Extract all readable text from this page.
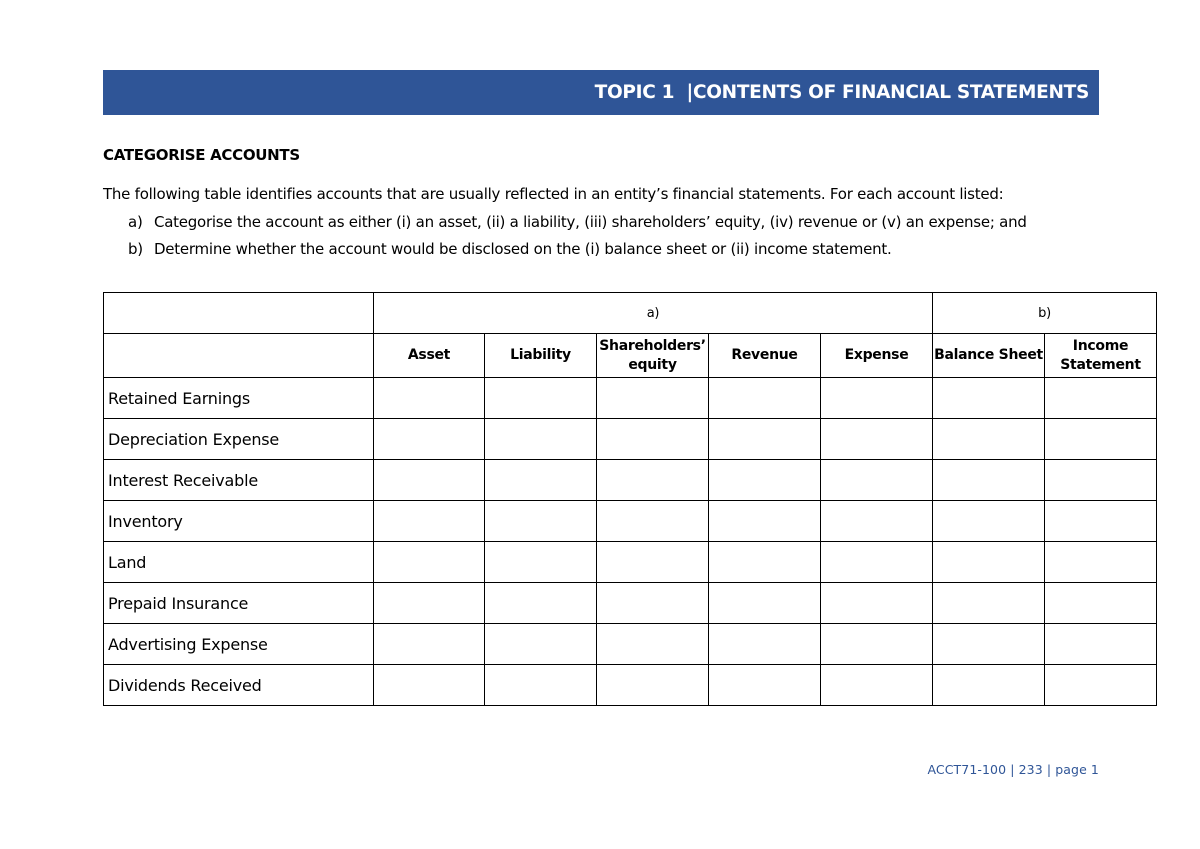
TOPIC 1  |CONTENTS OF FINANCIAL STATEMENTS
CATEGORISE ACCOUNTS
The following table identifies accounts that are usually reflected in an entity’s financial statements. For each account listed:
a) Categorise the account as either (i) an asset, (ii) a liability, (iii) shareholders’ equity, (iv) revenue or (v) an expense; and
b) Determine whether the account would be disclosed on the (i) balance sheet or (ii) income statement.
	a)					b)	
	Asset	Liability	Shareholders’ equity	Revenue	Expense	Balance Sheet	Income Statement
Retained Earnings							
Depreciation Expense							
Interest Receivable							
Inventory							
Land							
Prepaid Insurance							
Advertising Expense							
Dividends Received							
ACCT71-100 | 233 | page 1
